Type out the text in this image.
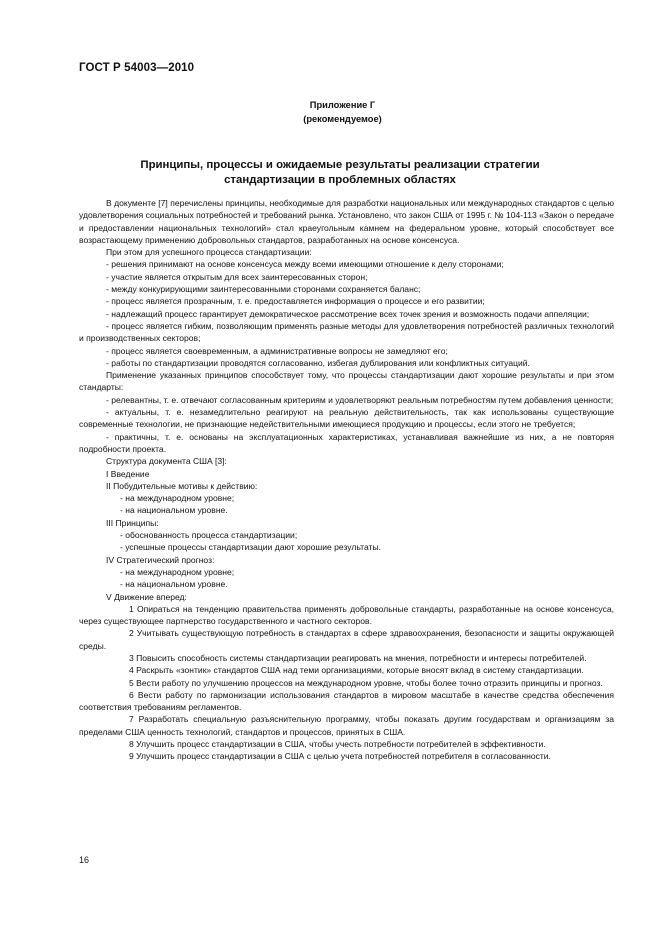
ГОСТ Р 54003—2010
Приложение Г
(рекомендуемое)
Принципы, процессы и ожидаемые результаты реализации стратегии
стандартизации в проблемных областях

В документе [7] перечислены принципы, необходимые для разработки национальных или международных стандартов с целью удовлетворения социальных потребностей и требований рынка. Установлено, что закон США от 1995 г. № 104-113 «Закон о передаче и предоставлении национальных технологий» стал краеугольным камнем на федеральном уровне, который способствует все возрастающему применению добровольных стандартов, разработанных на основе консенсуса.

При этом для успешного процесса стандартизации:

- решения принимают на основе консенсуса между всеми имеющими отношение к делу сторонами;

- участие является открытым для всех заинтересованных сторон;

- между конкурирующими заинтересованными сторонами сохраняется баланс;

- процесс является прозрачным, т. е. предоставляется информация о процессе и его развитии;

- надлежащий процесс гарантирует демократическое рассмотрение всех точек зрения и возможность подачи аппеляции;

- процесс является гибким, позволяющим применять разные методы для удовлетворения потребностей различных технологий и производственных секторов;

- процесс является своевременным, а административные вопросы не замедляют его;

- работы по стандартизации проводятся согласованно, избегая дублирования или конфликтных ситуаций.

Применение указанных принципов способствует тому, что процессы стандартизации дают хорошие результаты и при этом стандарты:

- релевантны, т. е. отвечают согласованным критериям и удовлетворяют реальным потребностям путем добавления ценности;

- актуальны, т. е. незамедлительно реагируют на реальную действительность, так как использованы существующие современные технологии, не признающие недействительными имеющиеся продукцию и процессы, если этого не требуется;

- практичны, т. е. основаны на эксплуатационных характеристиках, устанавливая важнейшие из них, а не повторяя подробности проекта.

Структура документа США [3]:

I Введение

II Побудительные мотивы к действию:

- на международном уровне;

- на национальном уровне.

III Принципы:

- обоснованность процесса стандартизации;

- успешные процессы стандартизации дают хорошие результаты.

IV Стратегический прогноз:

- на международном уровне;

- на национальном уровне.

V Движение вперед:

1 Опираться на тенденцию правительства применять добровольные стандарты, разработанные на основе консенсуса, через существующее партнерство государственного и частного секторов.

2 Учитывать существующую потребность в стандартах в сфере здравоохранения, безопасности и защиты окружающей среды.

3 Повысить способность системы стандартизации реагировать на мнения, потребности и интересы потребителей.

4 Раскрыть «зонтик» стандартов США над теми организациями, которые вносят вклад в систему стандартизации.

5 Вести работу по улучшению процессов на международном уровне, чтобы более точно отразить принципы и прогноз.

6 Вести работу по гармонизации использования стандартов в мировом масштабе в качестве средства обеспечения соответствия требованиям регламентов.

7 Разработать специальную разъяснительную программу, чтобы показать другим государствам и организациям за пределами США ценность технологий, стандартов и процессов, принятых в США.

8 Улучшить процесс стандартизации в США, чтобы учесть потребности потребителей в эффективности.

9 Улучшить процесс стандартизации в США с целью учета потребностей потребителя в согласованности.

16
